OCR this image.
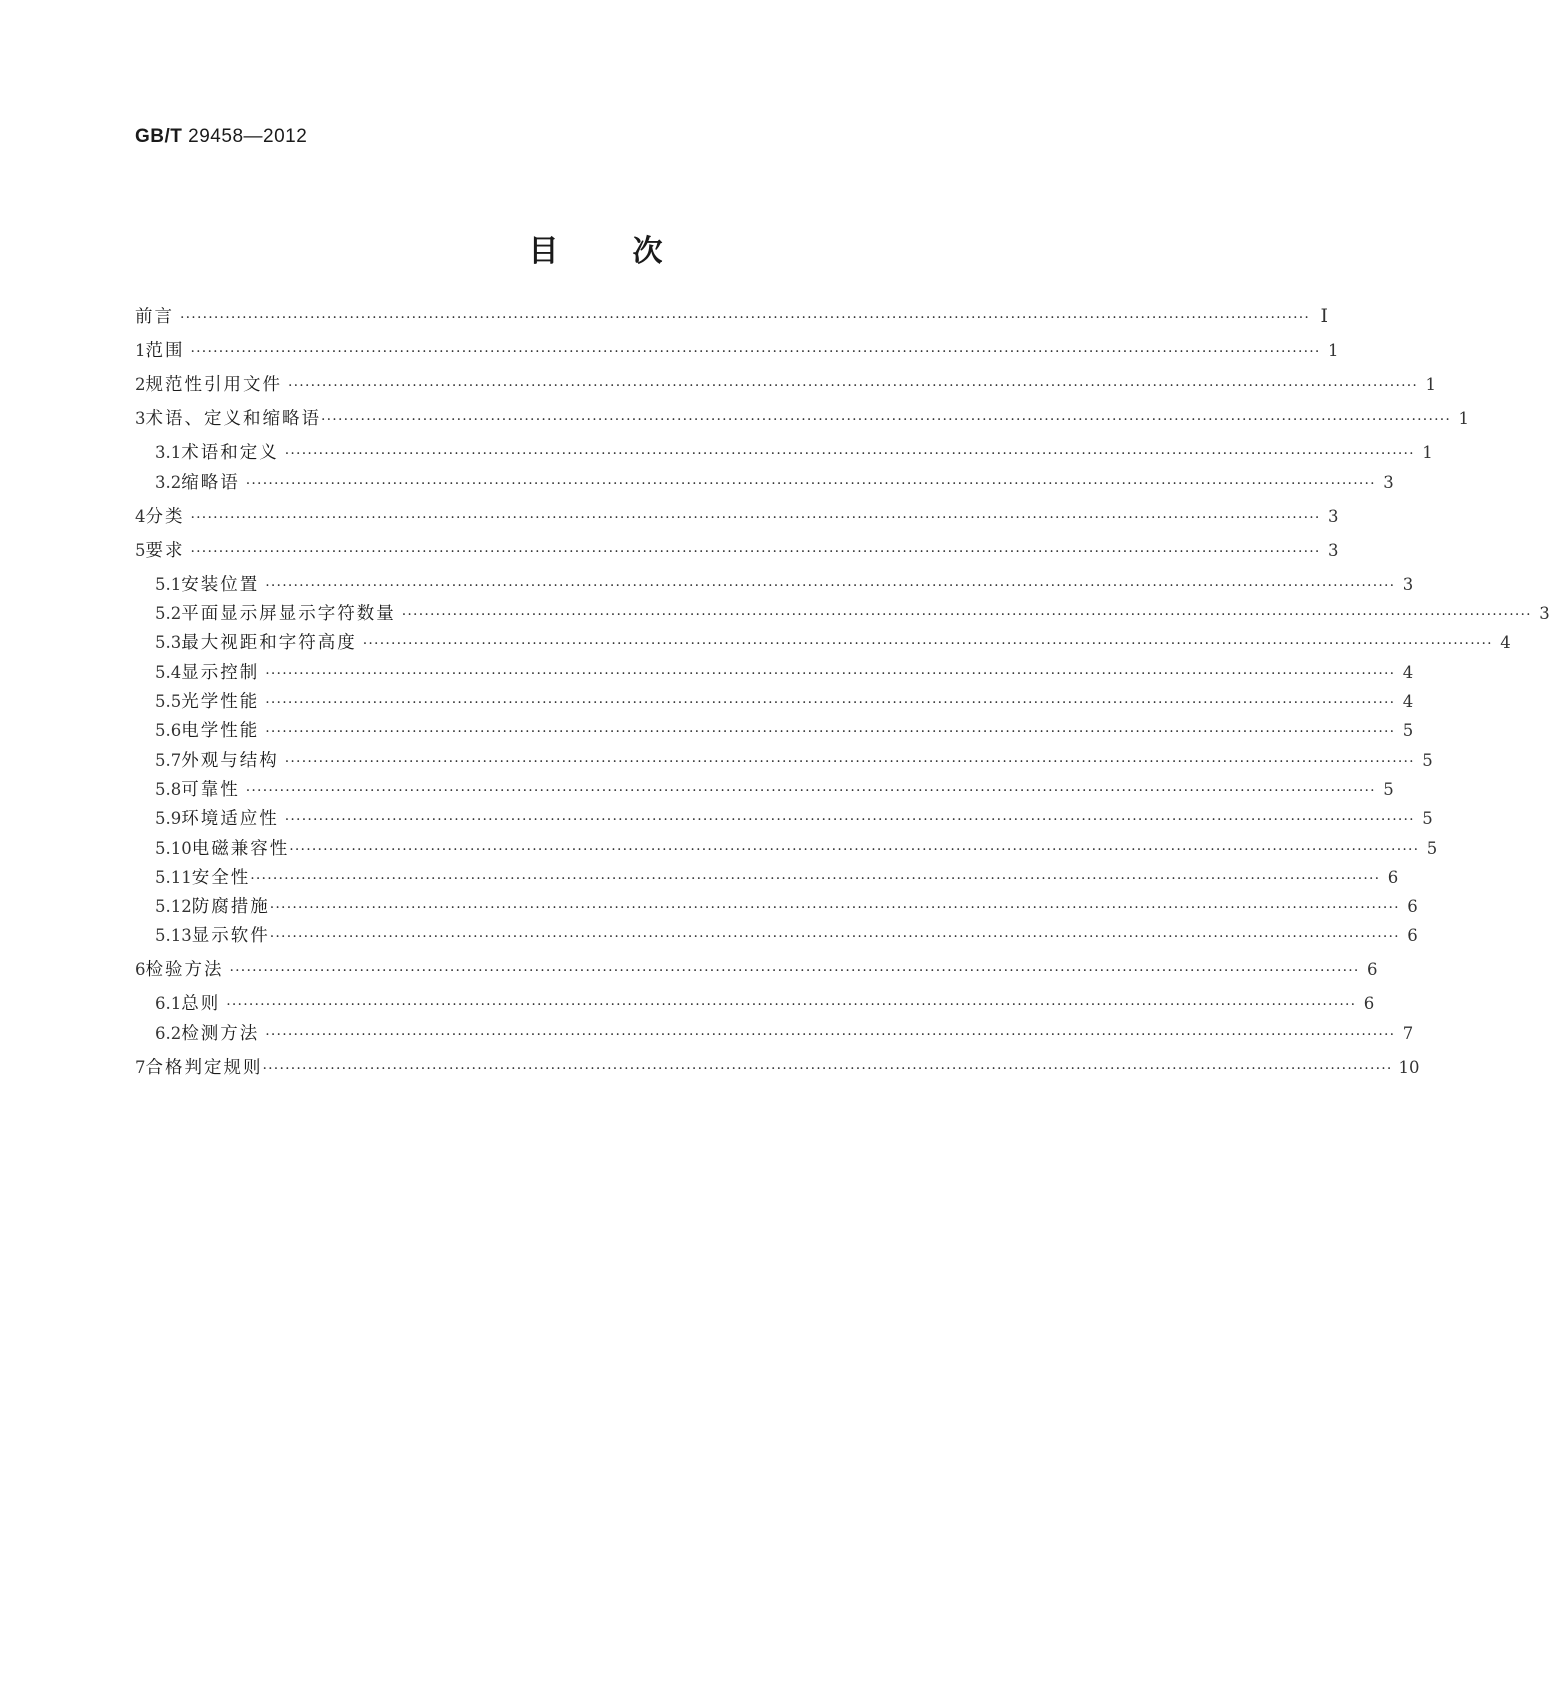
GB/T 29458—2012
目 次
前言 ········································································································································································································ Ⅰ
1 范围 ········································································································································································································ 1
2 规范性引用文件 ········································································································································································································ 1
3 术语、定义和缩略语 ········································································································································································································ 1
3.1 术语和定义 ········································································································································································································ 1
3.2 缩略语 ········································································································································································································ 3
4 分类 ········································································································································································································ 3
5 要求 ········································································································································································································ 3
5.1 安装位置 ········································································································································································································ 3
5.2 平面显示屏显示字符数量 ········································································································································································································ 3
5.3 最大视距和字符高度 ········································································································································································································ 4
5.4 显示控制 ········································································································································································································ 4
5.5 光学性能 ········································································································································································································ 4
5.6 电学性能 ········································································································································································································ 5
5.7 外观与结构 ········································································································································································································ 5
5.8 可靠性 ········································································································································································································ 5
5.9 环境适应性 ········································································································································································································ 5
5.10 电磁兼容性 ········································································································································································································ 5
5.11 安全性 ········································································································································································································ 6
5.12 防腐措施 ········································································································································································································ 6
5.13 显示软件 ········································································································································································································ 6
6 检验方法 ········································································································································································································ 6
6.1 总则 ········································································································································································································ 6
6.2 检测方法 ········································································································································································································ 7
7 合格判定规则 ········································································································································································································ 10
